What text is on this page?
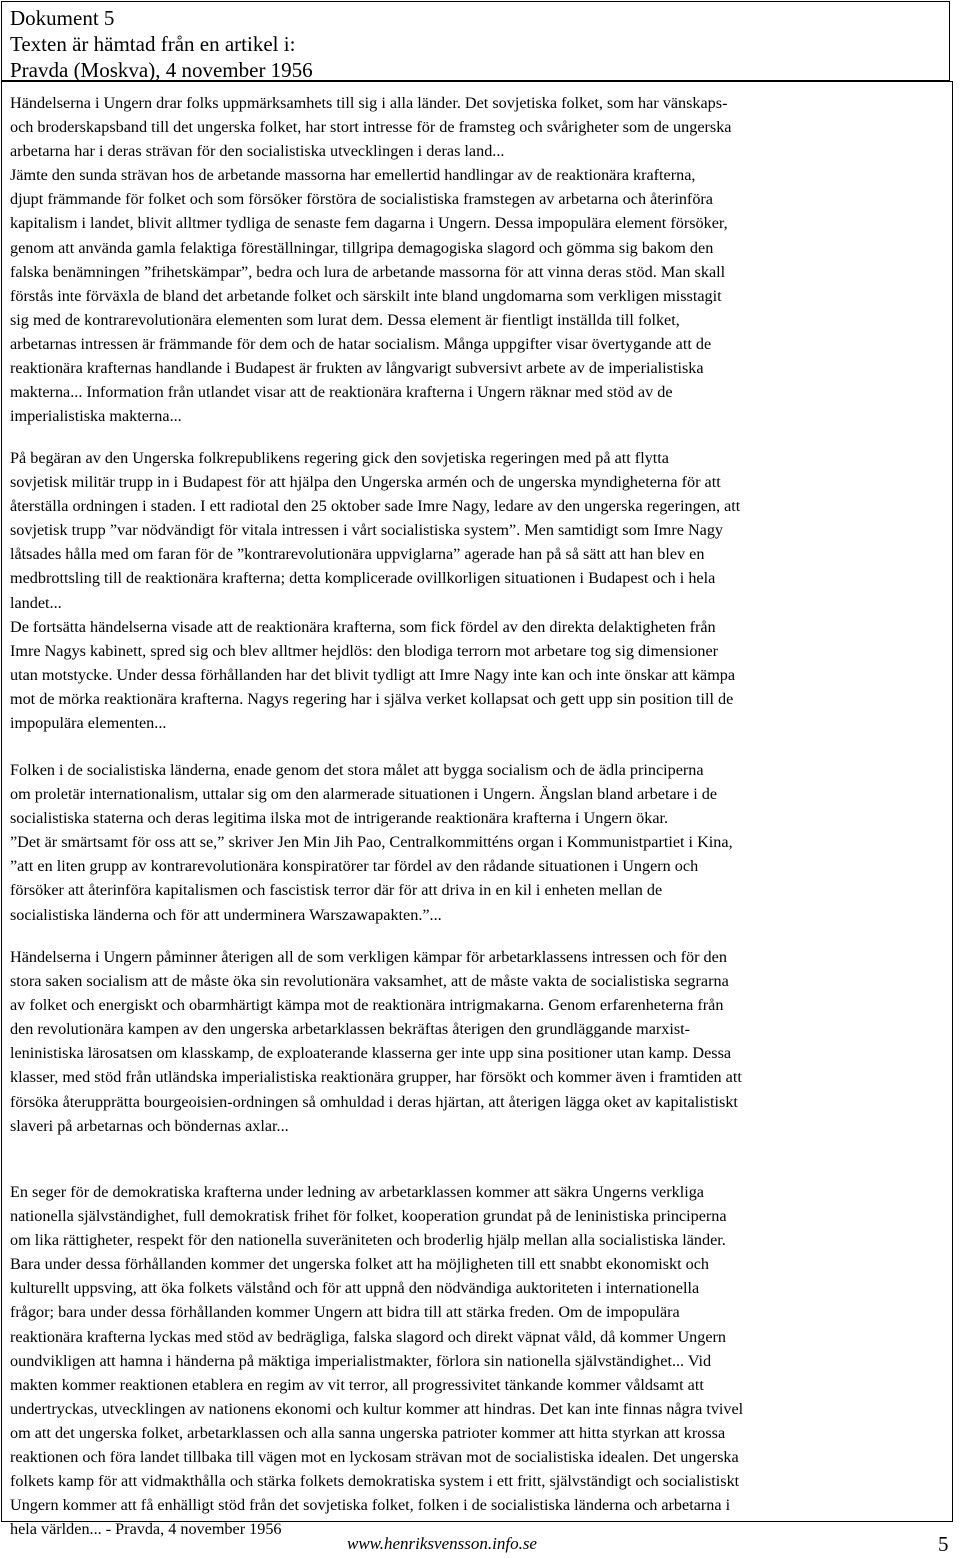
Dokument 5
Texten är hämtad från en artikel i:
Pravda (Moskva), 4 november 1956

Händelserna i Ungern drar folks uppmärksamhets till sig i alla länder. Det sovjetiska folket, som har vänskaps-
och broderskapsband till det ungerska folket, har stort intresse för de framsteg och svårigheter som de ungerska
arbetarna har i deras strävan för den socialistiska utvecklingen i deras land...
Jämte den sunda strävan hos de arbetande massorna har emellertid handlingar av de reaktionära krafterna,
djupt främmande för folket och som försöker förstöra de socialistiska framstegen av arbetarna och återinföra
kapitalism i landet, blivit alltmer tydliga de senaste fem dagarna i Ungern. Dessa impopulära element försöker,
genom att använda gamla felaktiga föreställningar, tillgripa demagogiska slagord och gömma sig bakom den
falska benämningen ”frihetskämpar”, bedra och lura de arbetande massorna för att vinna deras stöd. Man skall
förstås inte förväxla de bland det arbetande folket och särskilt inte bland ungdomarna som verkligen misstagit
sig med de kontrarevolutionära elementen som lurat dem. Dessa element är fientligt inställda till folket,
arbetarnas intressen är främmande för dem och de hatar socialism. Många uppgifter visar övertygande att de
reaktionära krafternas handlande i Budapest är frukten av långvarigt subversivt arbete av de imperialistiska
makterna... Information från utlandet visar att de reaktionära krafterna i Ungern räknar med stöd av de
imperialistiska makterna...

På begäran av den Ungerska folkrepublikens regering gick den sovjetiska regeringen med på att flytta
sovjetisk militär trupp in i Budapest för att hjälpa den Ungerska armén och de ungerska myndigheterna för att
återställa ordningen i staden. I ett radiotal den 25 oktober sade Imre Nagy, ledare av den ungerska regeringen, att
sovjetisk trupp ”var nödvändigt för vitala intressen i vårt socialistiska system”. Men samtidigt som Imre Nagy
låtsades hålla med om faran för de ”kontrarevolutionära uppviglarna” agerade han på så sätt att han blev en
medbrottsling till de reaktionära krafterna; detta komplicerade ovillkorligen situationen i Budapest och i hela
landet...
De fortsätta händelserna visade att de reaktionära krafterna, som fick fördel av den direkta delaktigheten från
Imre Nagys kabinett, spred sig och blev alltmer hejdlös: den blodiga terrorn mot arbetare tog sig dimensioner
utan motstycke. Under dessa förhållanden har det blivit tydligt att Imre Nagy inte kan och inte önskar att kämpa
mot de mörka reaktionära krafterna. Nagys regering har i själva verket kollapsat och gett upp sin position till de
impopulära elementen...

Folken i de socialistiska länderna, enade genom det stora målet att bygga socialism och de ädla principerna
om proletär internationalism, uttalar sig om den alarmerade situationen i Ungern. Ängslan bland arbetare i de
socialistiska staterna och deras legitima ilska mot de intrigerande reaktionära krafterna i Ungern ökar.
”Det är smärtsamt för oss att se,” skriver Jen Min Jih Pao, Centralkommitténs organ i Kommunistpartiet i Kina,
”att en liten grupp av kontrarevolutionära konspiratörer tar fördel av den rådande situationen i Ungern och
försöker att återinföra kapitalismen och fascistisk terror där för att driva in en kil i enheten mellan de
socialistiska länderna och för att underminera Warszawapakten.”...

Händelserna i Ungern påminner återigen all de som verkligen kämpar för arbetarklassens intressen och för den
stora saken socialism att de måste öka sin revolutionära vaksamhet, att de måste vakta de socialistiska segrarna
av folket och energiskt och obarmhärtigt kämpa mot de reaktionära intrigmakarna. Genom erfarenheterna från
den revolutionära kampen av den ungerska arbetarklassen bekräftas återigen den grundläggande marxist-
leninistiska lärosatsen om klasskamp, de exploaterande klasserna ger inte upp sina positioner utan kamp. Dessa
klasser, med stöd från utländska imperialistiska reaktionära grupper, har försökt och kommer även i framtiden att
försöka återupprätta bourgeoisien-ordningen så omhuldad i deras hjärtan, att återigen lägga oket av kapitalistiskt
slaveri på arbetarnas och böndernas axlar...

En seger för de demokratiska krafterna under ledning av arbetarklassen kommer att säkra Ungerns verkliga
nationella självständighet, full demokratisk frihet för folket, kooperation grundat på de leninistiska principerna
om lika rättigheter, respekt för den nationella suveräniteten och broderlig hjälp mellan alla socialistiska länder.
Bara under dessa förhållanden kommer det ungerska folket att ha möjligheten till ett snabbt ekonomiskt och
kulturellt uppsving, att öka folkets välstånd och för att uppnå den nödvändiga auktoriteten i internationella
frågor; bara under dessa förhållanden kommer Ungern att bidra till att stärka freden. Om de impopulära
reaktionära krafterna lyckas med stöd av bedrägliga, falska slagord och direkt väpnat våld, då kommer Ungern
oundvikligen att hamna i händerna på mäktiga imperialistmakter, förlora sin nationella självständighet... Vid
makten kommer reaktionen etablera en regim av vit terror, all progressivitet tänkande kommer våldsamt att
undertryckas, utvecklingen av nationens ekonomi och kultur kommer att hindras. Det kan inte finnas några tvivel
om att det ungerska folket, arbetarklassen och alla sanna ungerska patrioter kommer att hitta styrkan att krossa
reaktionen och föra landet tillbaka till vägen mot en lyckosam strävan mot de socialistiska idealen. Det ungerska
folkets kamp för att vidmakthålla och stärka folkets demokratiska system i ett fritt, självständigt och socialistiskt
Ungern kommer att få enhälligt stöd från det sovjetiska folket, folken i de socialistiska länderna och arbetarna i
hela världen... - Pravda, 4 november 1956

www.henriksvensson.info.se	5
